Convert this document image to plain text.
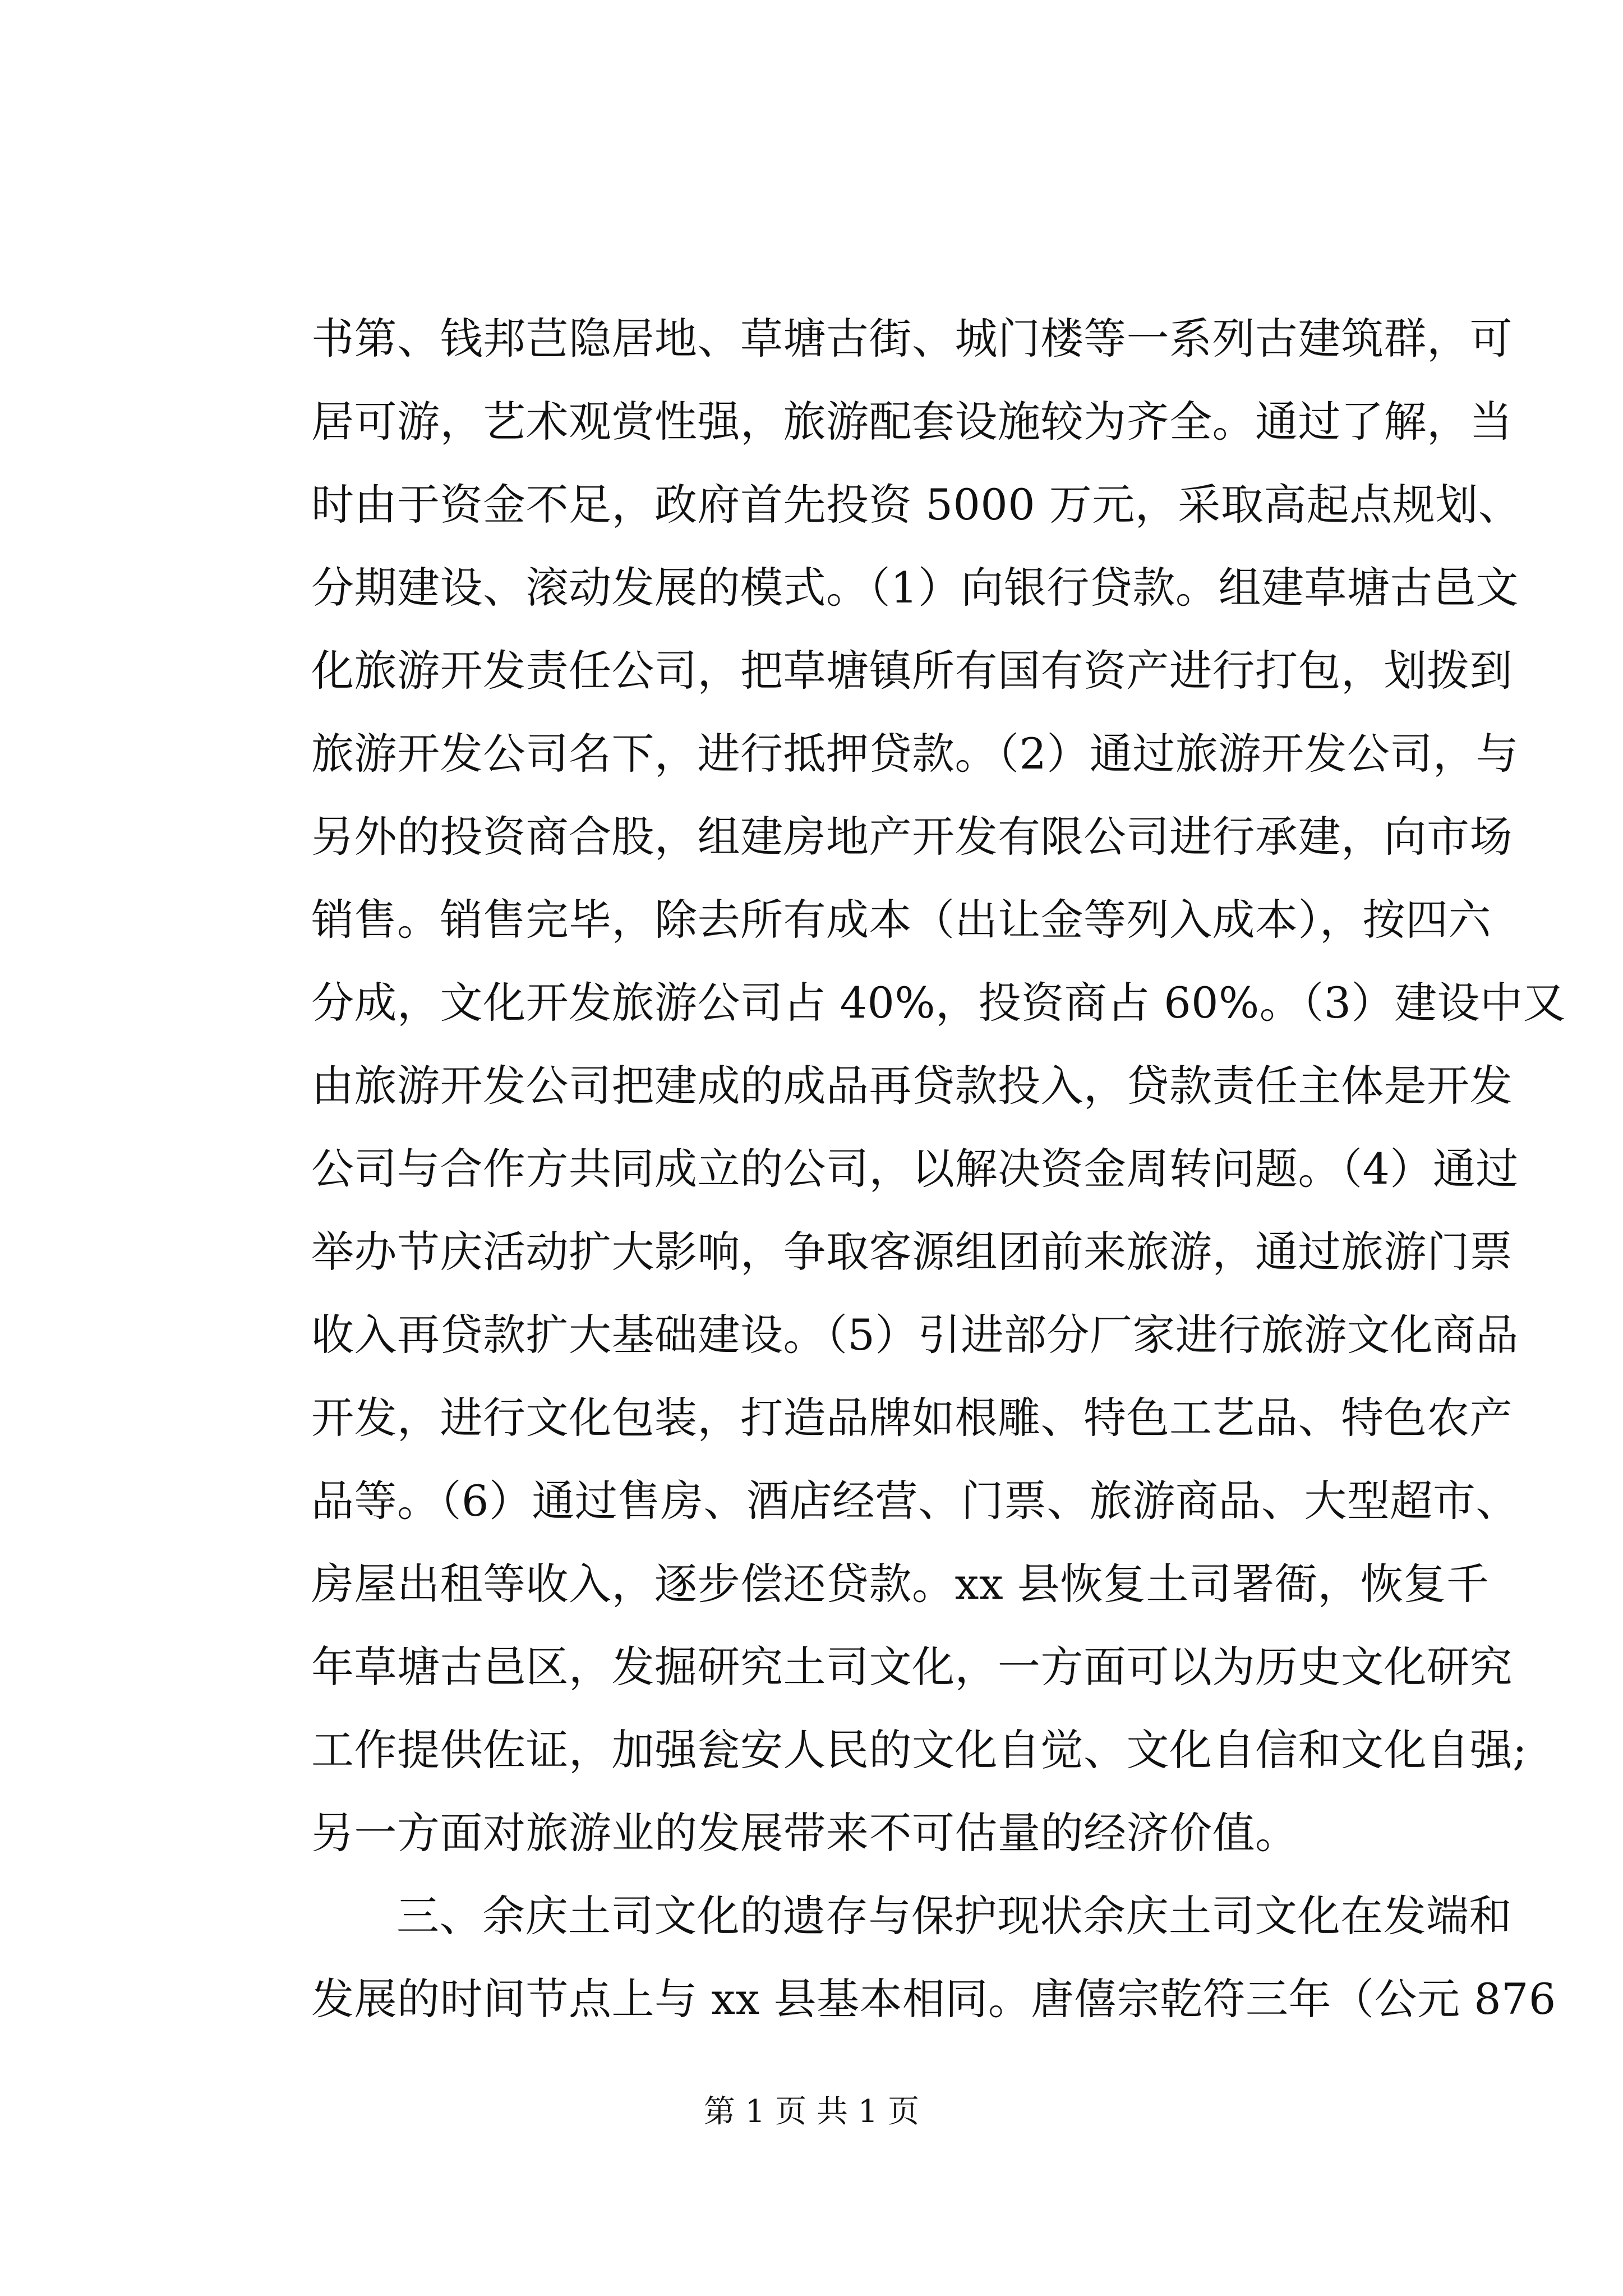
书第、钱邦芑隐居地、草塘古街、城门楼等一系列古建筑群，可
居可游，艺术观赏性强，旅游配套设施较为齐全。通过了解，当
时由于资金不足，政府首先投资 5000 万元，采取高起点规划、
分期建设、滚动发展的模式。（1）向银行贷款。组建草塘古邑文
化旅游开发责任公司，把草塘镇所有国有资产进行打包，划拨到
旅游开发公司名下，进行抵押贷款。（2）通过旅游开发公司，与
另外的投资商合股，组建房地产开发有限公司进行承建，向市场
销售。销售完毕，除去所有成本（出让金等列入成本），按四六
分成，文化开发旅游公司占 40%，投资商占 60%。（3）建设中又
由旅游开发公司把建成的成品再贷款投入，贷款责任主体是开发
公司与合作方共同成立的公司，以解决资金周转问题。（4）通过
举办节庆活动扩大影响，争取客源组团前来旅游，通过旅游门票
收入再贷款扩大基础建设。（5）引进部分厂家进行旅游文化商品
开发，进行文化包装，打造品牌如根雕、特色工艺品、特色农产
品等。（6）通过售房、酒店经营、门票、旅游商品、大型超市、
房屋出租等收入，逐步偿还贷款。xx 县恢复土司署衙，恢复千
年草塘古邑区，发掘研究土司文化，一方面可以为历史文化研究
工作提供佐证，加强瓮安人民的文化自觉、文化自信和文化自强;
另一方面对旅游业的发展带来不可估量的经济价值。
三、余庆土司文化的遗存与保护现状余庆土司文化在发端和
发展的时间节点上与 xx 县基本相同。唐僖宗乾符三年（公元 876
第 1 页 共 1 页
